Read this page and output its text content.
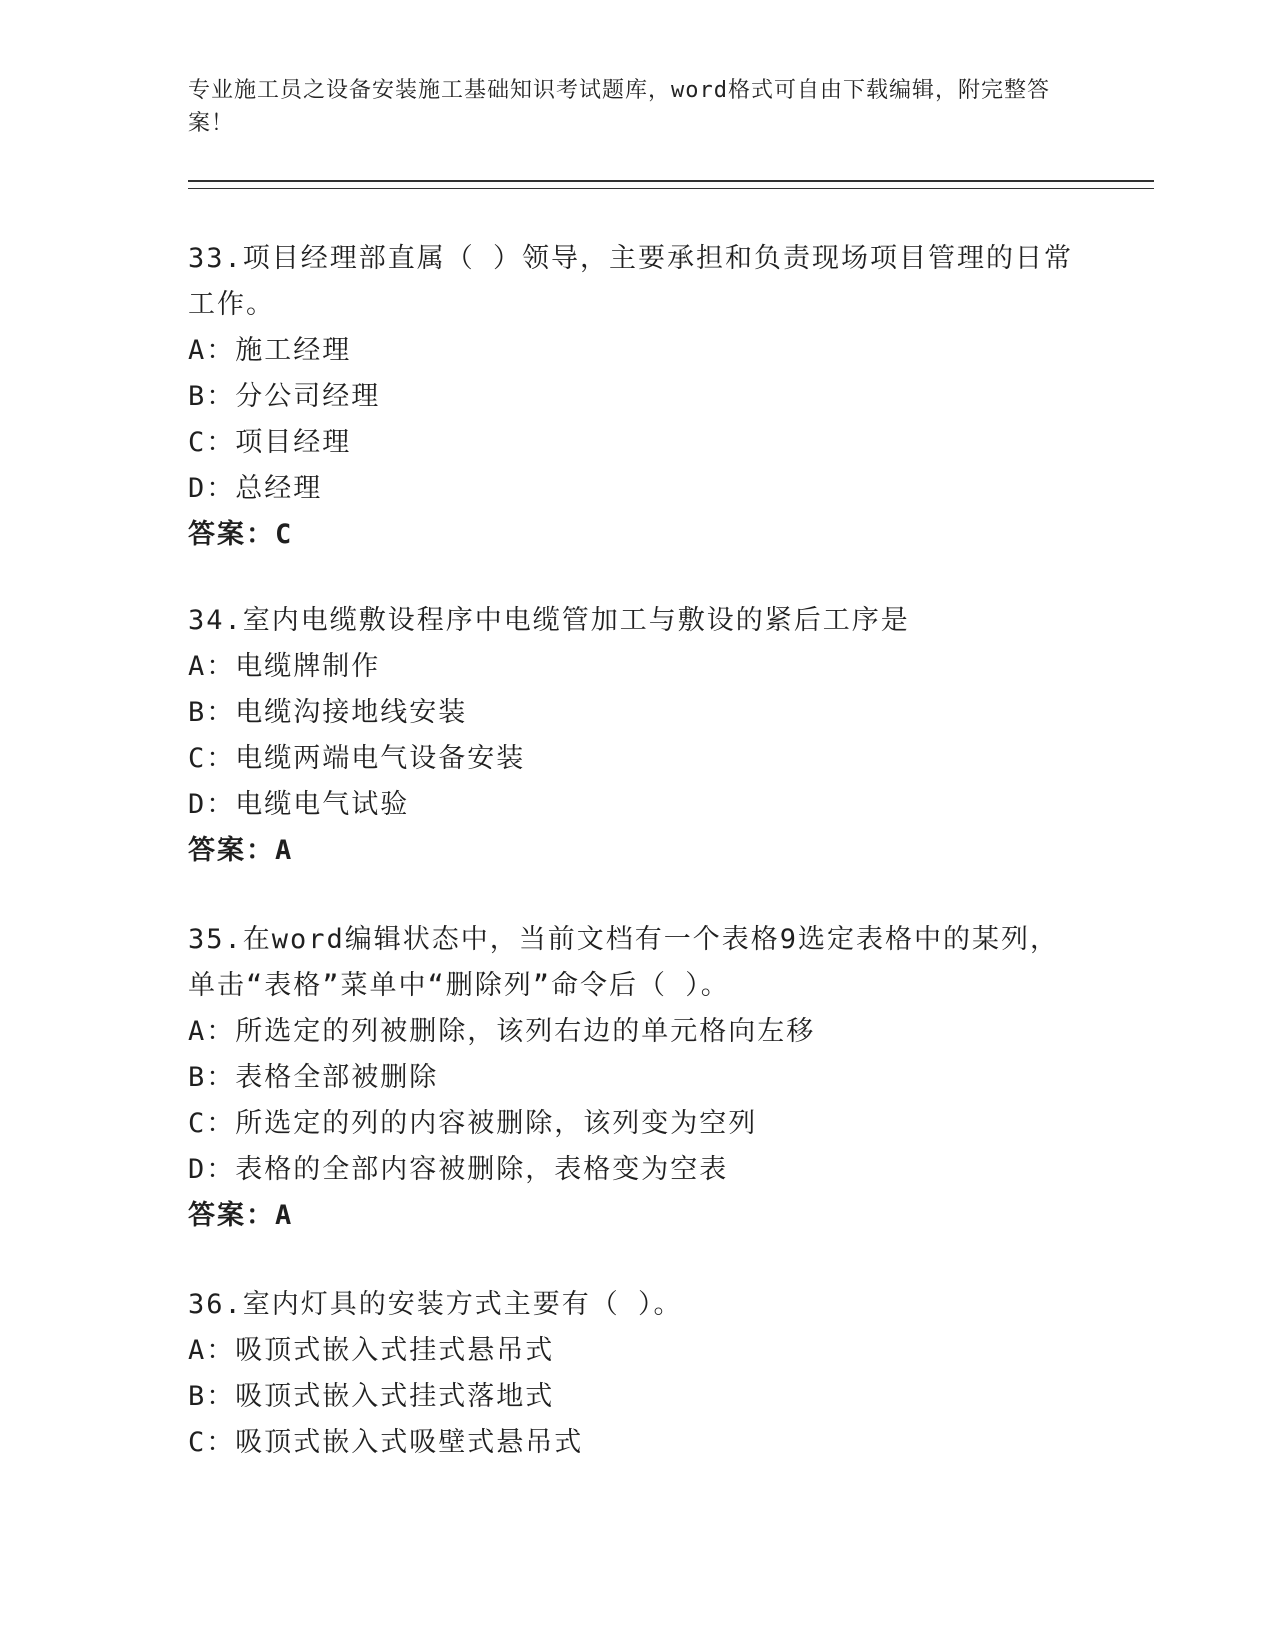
专业施工员之设备安装施工基础知识考试题库，word格式可自由下载编辑，附完整答案！

33.项目经理部直属（ ）领导，主要承担和负责现场项目管理的日常工作。

A：施工经理

B：分公司经理

C：项目经理

D：总经理

答案：C

34.室内电缆敷设程序中电缆管加工与敷设的紧后工序是

A：电缆牌制作

B：电缆沟接地线安装

C：电缆两端电气设备安装

D：电缆电气试验

答案：A

35.在word编辑状态中，当前文档有一个表格9选定表格中的某列，单击“表格”菜单中“删除列”命令后（ ）。

A：所选定的列被删除，该列右边的单元格向左移

B：表格全部被删除

C：所选定的列的内容被删除，该列变为空列

D：表格的全部内容被删除，表格变为空表

答案：A

36.室内灯具的安装方式主要有（ ）。

A：吸顶式嵌入式挂式悬吊式

B：吸顶式嵌入式挂式落地式

C：吸顶式嵌入式吸壁式悬吊式
